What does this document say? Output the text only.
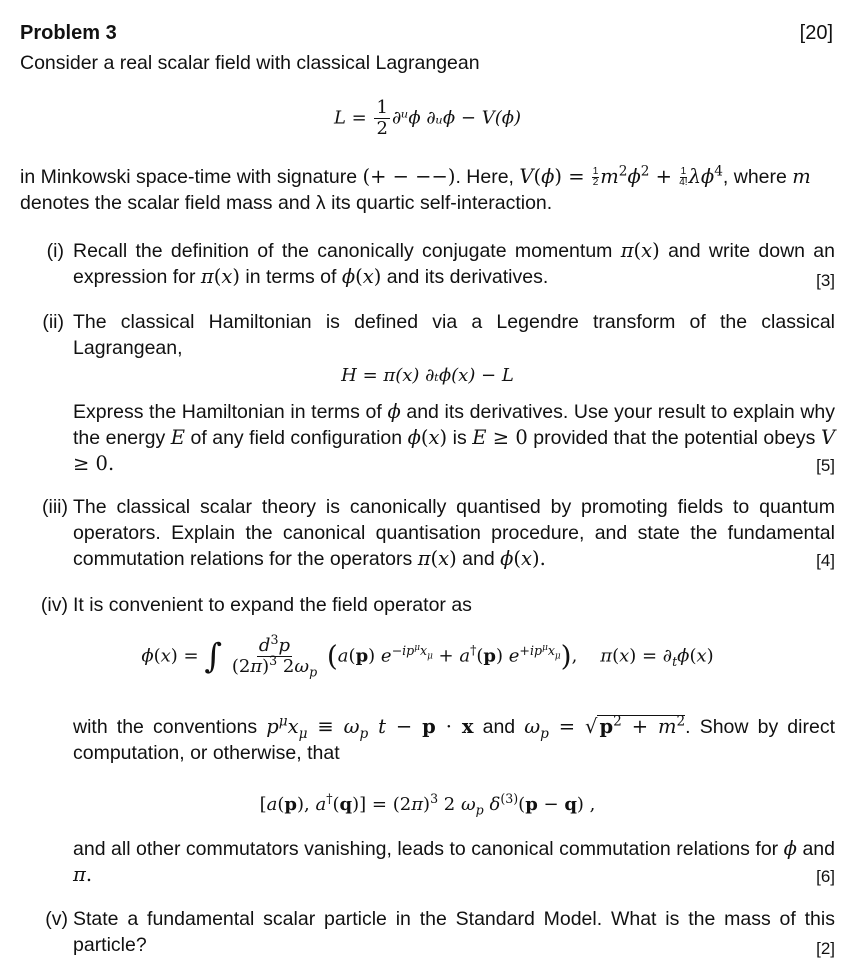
Problem 3	[20]
Consider a real scalar field with classical Lagrangean
$L = \frac{1}{2}$ ∂ᵘϕ ∂ᵤϕ − V(ϕ)
in Minkowski space-time with signature (+ − −−). Here, $V(\phi) = \frac{1}{2} m^2\phi^2 + \frac{1}{4!} \lambda\phi^4$, where m
denotes the scalar field mass and λ its quartic self-interaction.
(i) Recall the definition of the canonically conjugate momentum π(x) and write down an expression for π(x) in terms of ϕ(x) and its derivatives.	[3]
(ii) The classical Hamiltonian is defined via a Legendre transform of the classical Lagrangean,
H = π(x) ∂ₜϕ(x) − L
Express the Hamiltonian in terms of ϕ and its derivatives. Use your result to explain why the energy E of any field configuration ϕ(x) is E ≥ 0 provided that the potential obeys V ≥ 0.	[5]
(iii) The classical scalar theory is canonically quantised by promoting fields to quantum operators. Explain the canonical quantisation procedure, and state the fundamental commutation relations for the operators π(x) and ϕ(x).	[4]
(iv) It is convenient to expand the field operator as
ϕ(x) = ∫ $\frac{d^3p}{(2\pi)^3 2\omega_p} (a(p) e^{-ip^\mu x_\mu} + a^\dagger(p)$ $e^{+ip^\mu x_\mu}$), $\pi(x) = \partial_t\phi(x)$
with the conventions $p^\mu x_\mu \equiv \omega_p$ t − p · x and $\omega_p$ = √ $p^2 + m^2$. Show by direct computation, or otherwise, that
[a(p), $a^\dagger(q)] = (2\pi)^3$ 2 $\omega_p$ $\delta^{(3)}(p - q)$ ,
and all other commutators vanishing, leads to canonical commutation relations for ϕ and π.	[6]
(v) State a fundamental scalar particle in the Standard Model. What is the mass of this particle?	[2]
